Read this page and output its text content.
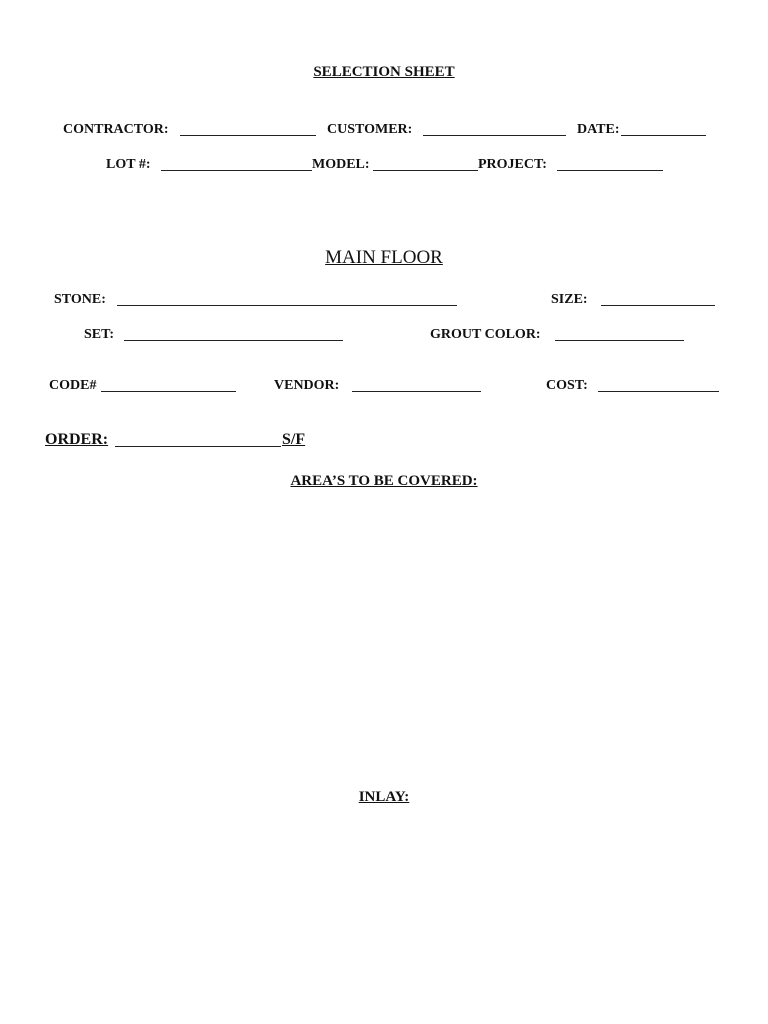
SELECTION SHEET
CONTRACTOR:	CUSTOMER:	DATE:
LOT #:	MODEL:	PROJECT:
MAIN FLOOR
STONE:	SIZE:
SET:	GROUT COLOR:
CODE#	VENDOR:	COST:
ORDER:	S/F
AREA’S TO BE COVERED:
INLAY:
